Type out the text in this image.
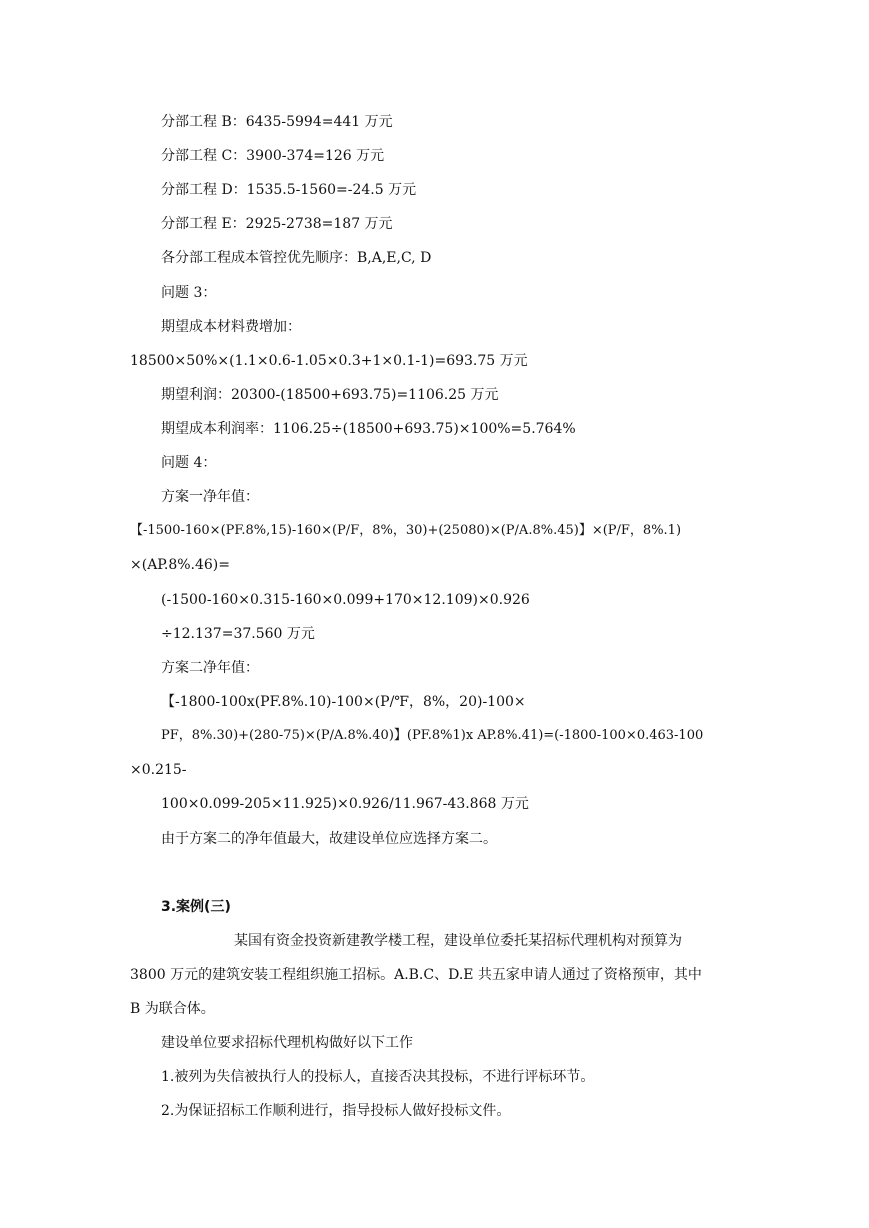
分部工程 B：6435-5994=441 万元
分部工程 C：3900-374=126 万元
分部工程 D：1535.5-1560=-24.5 万元
分部工程 E：2925-2738=187 万元
各分部工程成本管控优先顺序：B,A,E,C, D
问题 3：
期望成本材料费增加：
18500×50%×(1.1×0.6-1.05×0.3+1×0.1-1)=693.75 万元
期望利润：20300-(18500+693.75)=1106.25 万元
期望成本利润率：1106.25÷(18500+693.75)×100%=5.764%
问题 4：
方案一净年值：
【-1500-160×(PF.8%,15)-160×(P/F，8%，30)+(25080)×(P/A.8%.45)】×(P/F，8%.1)
×(AP.8%.46)=
(-1500-160×0.315-160×0.099+170×12.109)×0.926
÷12.137=37.560 万元
方案二净年值：
【-1800-100x(PF.8%.10)-100×(P/℉，8%，20)-100×
PF，8%.30)+(280-75)×(P/A.8%.40)】(PF.8%1)x AP.8%.41)=(-1800-100×0.463-100
×0.215-
100×0.099-205×11.925)×0.926/11.967-43.868 万元
由于方案二的净年值最大，故建设单位应选择方案二。
3.案例(三)
某国有资金投资新建教学楼工程，建设单位委托某招标代理机构对预算为
3800 万元的建筑安装工程组织施工招标。A.B.C、D.E 共五家申请人通过了资格预审，其中
B 为联合体。
建设单位要求招标代理机构做好以下工作
1.被列为失信被执行人的投标人，直接否决其投标，不进行评标环节。
2.为保证招标工作顺利进行，指导投标人做好投标文件。
